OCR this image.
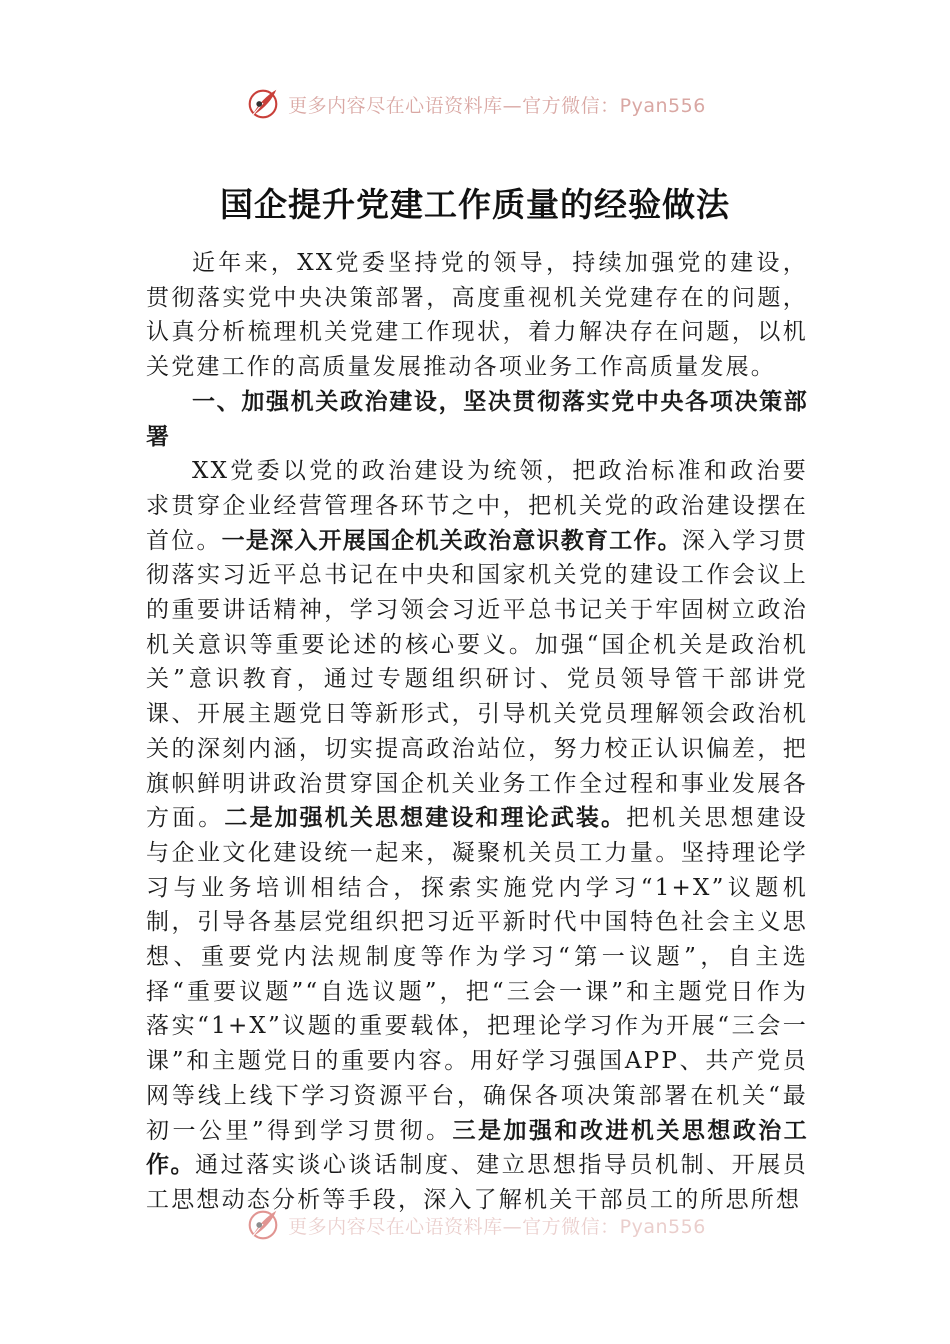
更多内容尽在心语资料库—官方微信：Pyan556
国企提升党建工作质量的经验做法

近年来，XX党委坚持党的领导，持续加强党的建设，贯彻落实党中央决策部署，高度重视机关党建存在的问题，认真分析梳理机关党建工作现状，着力解决存在问题，以机关党建工作的高质量发展推动各项业务工作高质量发展。

一、加强机关政治建设，坚决贯彻落实党中央各项决策部署

XX党委以党的政治建设为统领，把政治标准和政治要求贯穿企业经营管理各环节之中，把机关党的政治建设摆在首位。一是深入开展国企机关政治意识教育工作。深入学习贯彻落实习近平总书记在中央和国家机关党的建设工作会议上的重要讲话精神，学习领会习近平总书记关于牢固树立政治机关意识等重要论述的核心要义。加强“国企机关是政治机关”意识教育，通过专题组织研讨、党员领导管干部讲党课、开展主题党日等新形式，引导机关党员理解领会政治机关的深刻内涵，切实提高政治站位，努力校正认识偏差，把旗帜鲜明讲政治贯穿国企机关业务工作全过程和事业发展各方面。二是加强机关思想建设和理论武装。把机关思想建设与企业文化建设统一起来，凝聚机关员工力量。坚持理论学习与业务培训相结合，探索实施党内学习“1+X”议题机制，引导各基层党组织把习近平新时代中国特色社会主义思想、重要党内法规制度等作为学习“第一议题”，自主选择“重要议题”“自选议题”，把“三会一课”和主题党日作为落实“1+X”议题的重要载体，把理论学习作为开展“三会一课”和主题党日的重要内容。用好学习强国APP、共产党员网等线上线下学习资源平台，确保各项决策部署在机关“最初一公里”得到学习贯彻。三是加强和改进机关思想政治工作。通过落实谈心谈话制度、建立思想指导员机制、开展员工思想动态分析等手段，深入了解机关干部员工的所思所想

更多内容尽在心语资料库—官方微信：Pyan556
